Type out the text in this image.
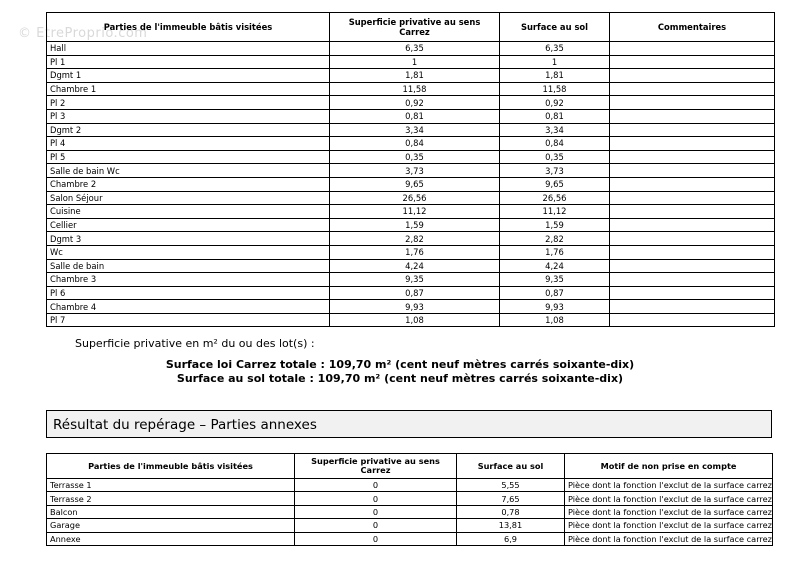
© EtreProprio.com
Parties de l'immeuble bâtis visitées	Superficie privative au sens Carrez	Surface au sol	Commentaires
Hall	6,35	6,35	
Pl 1	1	1	
Dgmt 1	1,81	1,81	
Chambre 1	11,58	11,58	
Pl 2	0,92	0,92	
Pl 3	0,81	0,81	
Dgmt 2	3,34	3,34	
Pl 4	0,84	0,84	
Pl 5	0,35	0,35	
Salle de bain Wc	3,73	3,73	
Chambre 2	9,65	9,65	
Salon Séjour	26,56	26,56	
Cuisine	11,12	11,12	
Cellier	1,59	1,59	
Dgmt 3	2,82	2,82	
Wc	1,76	1,76	
Salle de bain	4,24	4,24	
Chambre 3	9,35	9,35	
Pl 6	0,87	0,87	
Chambre 4	9,93	9,93	
Pl 7	1,08	1,08	
Superficie privative en m² du ou des lot(s) :
Surface loi Carrez totale : 109,70 m² (cent neuf mètres carrés soixante-dix)
Surface au sol totale : 109,70 m² (cent neuf mètres carrés soixante-dix)
Résultat du repérage – Parties annexes
Parties de l'immeuble bâtis visitées	Superficie privative au sens Carrez	Surface au sol	Motif de non prise en compte
Terrasse 1	0	5,55	Pièce dont la fonction l'exclut de la surface carrez
Terrasse 2	0	7,65	Pièce dont la fonction l'exclut de la surface carrez
Balcon	0	0,78	Pièce dont la fonction l'exclut de la surface carrez
Garage	0	13,81	Pièce dont la fonction l'exclut de la surface carrez
Annexe	0	6,9	Pièce dont la fonction l'exclut de la surface carrez
